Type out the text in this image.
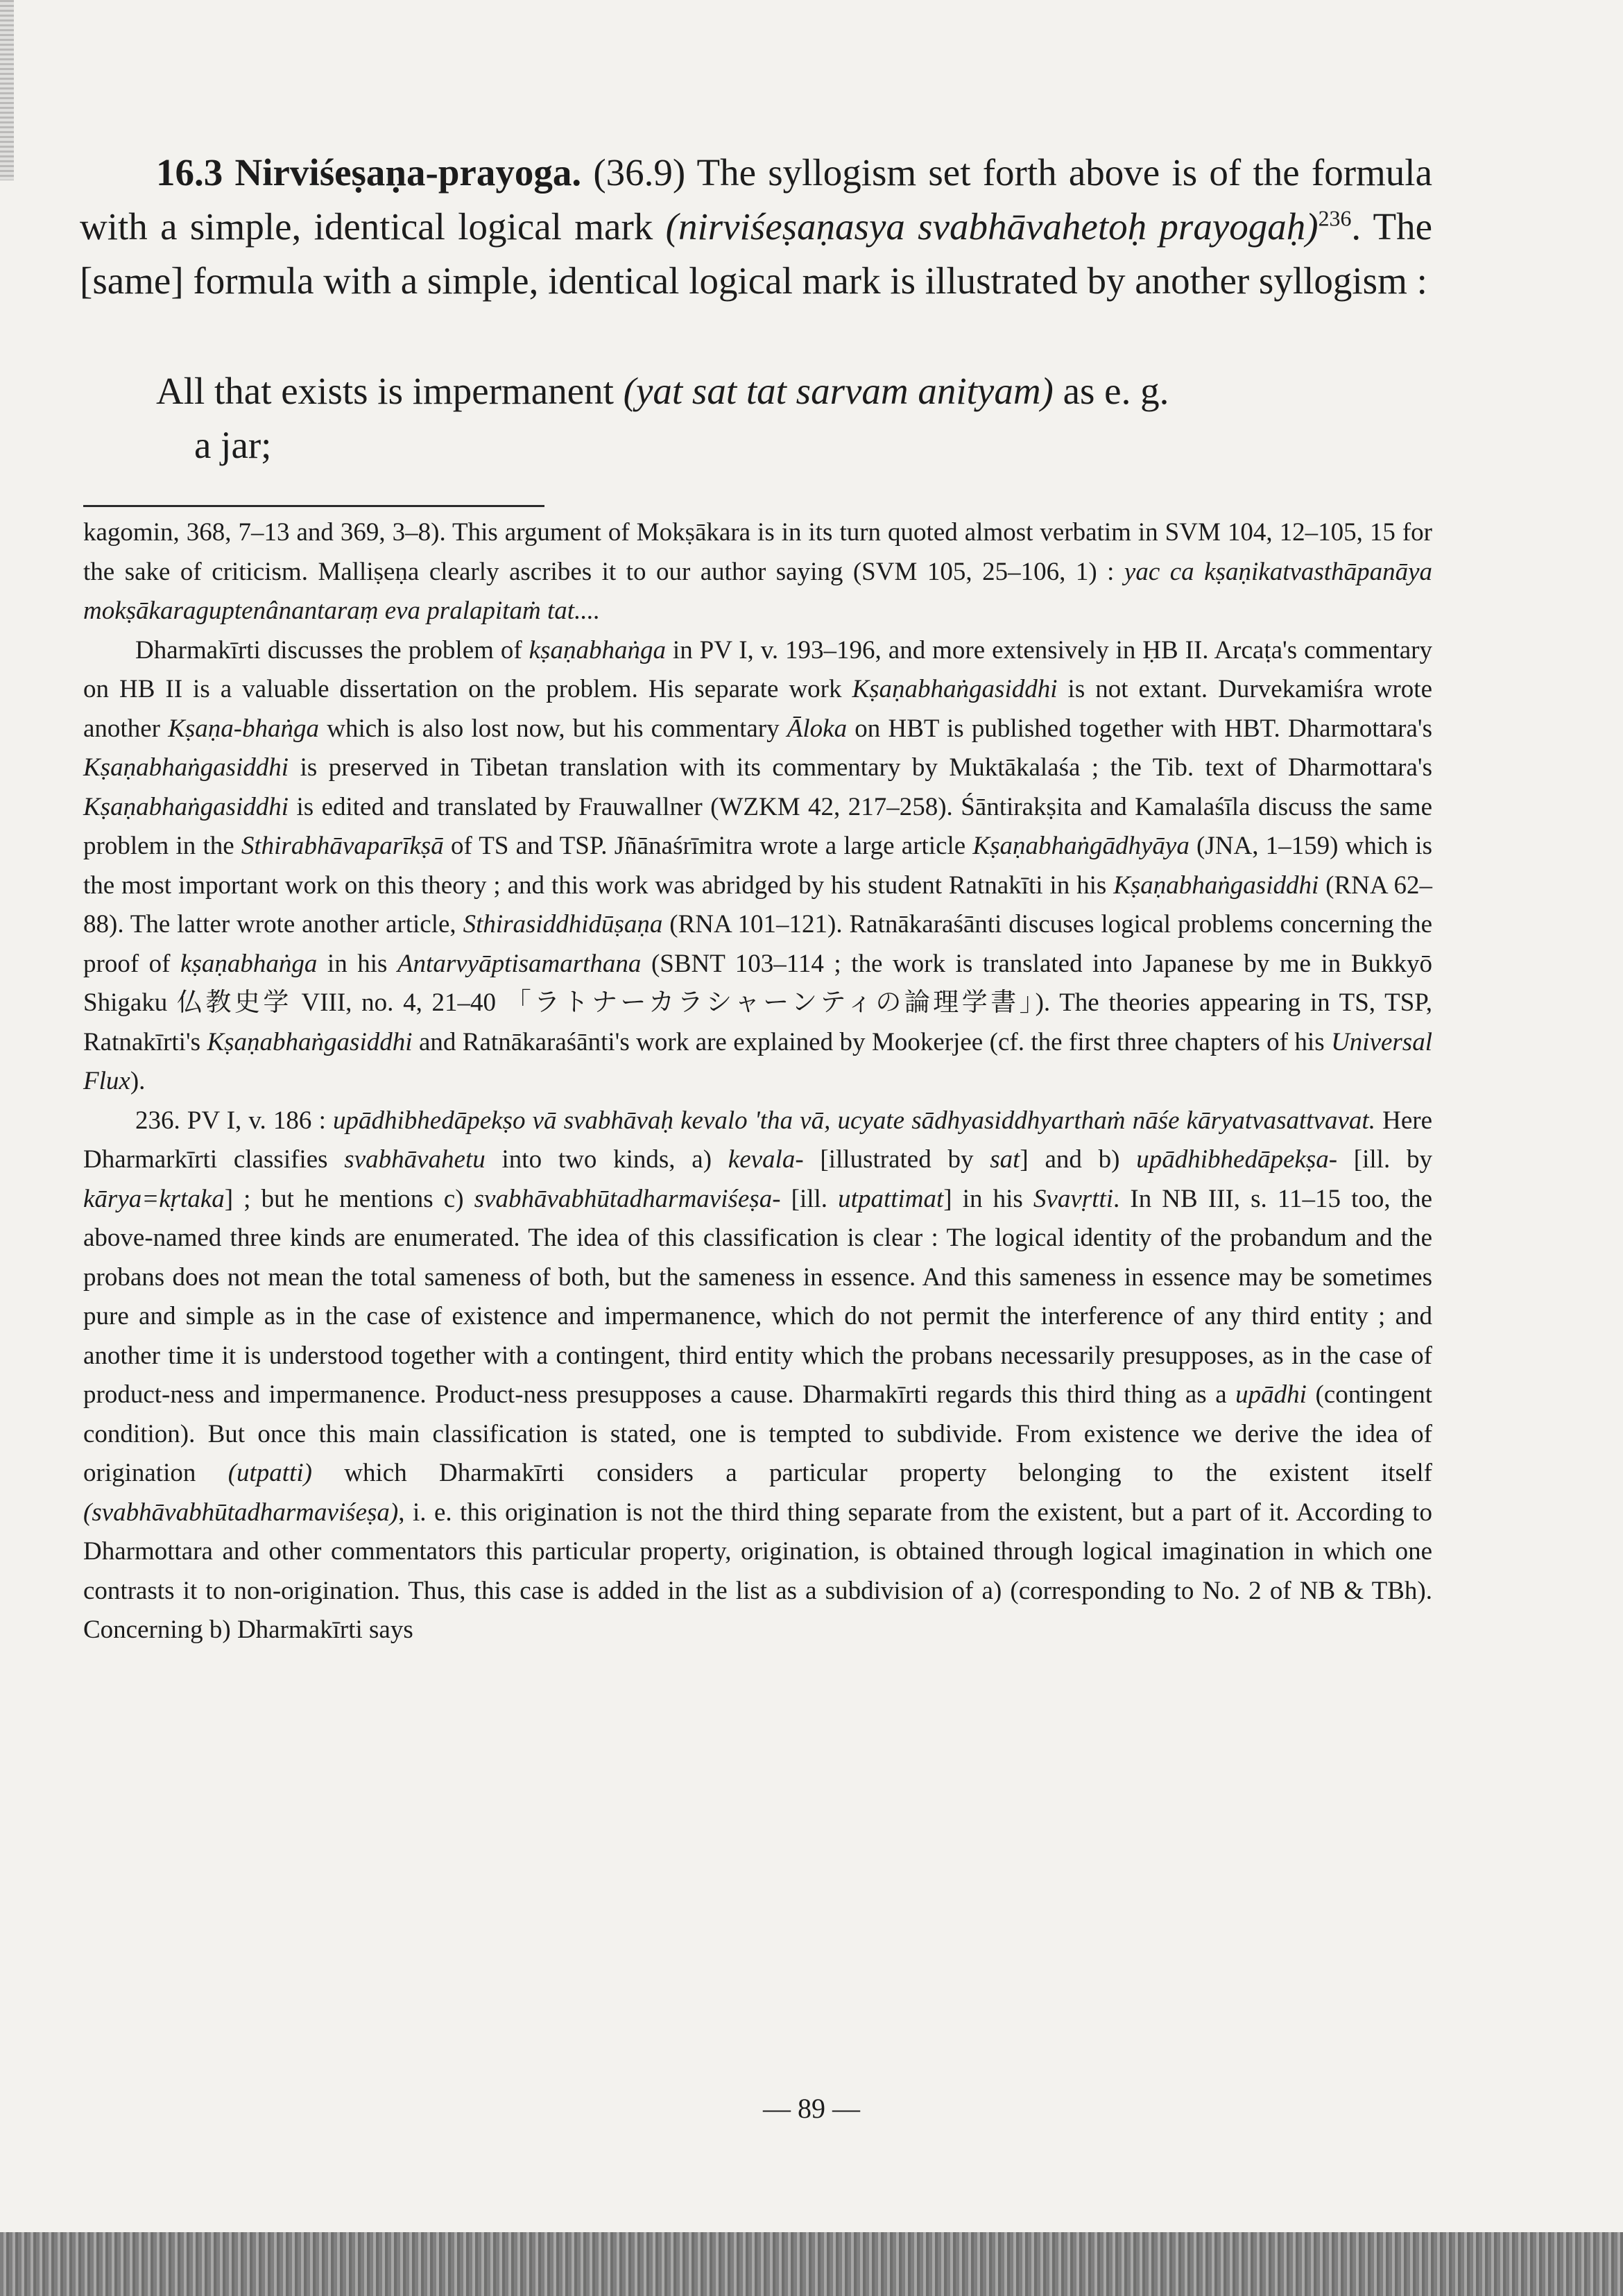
16.3 Nirviśeṣaṇa-prayoga. (36.9) The syllogism set forth above is of the formula with a simple, identical logical mark (nirviśeṣaṇasya svabhāvahetoḥ prayogaḥ)$^{236}$. The [same] formula with a simple, identical logical mark is illustrated by another syllogism :

All that exists is impermanent (yat sat tat sarvam anityam) as e. g.
a jar;

kagomin, 368, 7–13 and 369, 3–8). This argument of Mokṣākara is in its turn quoted almost verbatim in SVM 104, 12–105, 15 for the sake of criticism. Malliṣeṇa clearly ascribes it to our author saying (SVM 105, 25–106, 1) : yac ca kṣaṇikatvasthāpanāya mokṣākaraguptenânantaraṃ eva pralapitaṁ tat....

Dharmakīrti discusses the problem of kṣaṇabhaṅga in PV I, v. 193–196, and more extensively in ḤB II. Arcaṭa's commentary on HB II is a valuable dissertation on the problem. His separate work Kṣaṇabhaṅgasiddhi is not extant. Durvekamiśra wrote another Kṣaṇa-bhaṅga which is also lost now, but his commentary Āloka on HBT is published together with HBT. Dharmottara's Kṣaṇabhaṅgasiddhi is preserved in Tibetan translation with its commentary by Muktākalaśa ; the Tib. text of Dharmottara's Kṣaṇabhaṅgasiddhi is edited and translated by Frauwallner (WZKM 42, 217–258). Śāntirakṣita and Kamalaśīla discuss the same problem in the Sthirabhāvaparīkṣā of TS and TSP. Jñānaśrīmitra wrote a large article Kṣaṇabhaṅgādhyāya (JNA, 1–159) which is the most important work on this theory ; and this work was abridged by his student Ratnakīti in his Kṣaṇabhaṅgasiddhi (RNA 62–88). The latter wrote another article, Sthirasiddhidūṣaṇa (RNA 101–121). Ratnākaraśānti discuses logical problems concerning the proof of kṣaṇabhaṅga in his Antarvyāptisamarthana (SBNT 103–114 ; the work is translated into Japanese by me in Bukkyō Shigaku 仏教史学 VIII, no. 4, 21–40 「ラトナーカラシャーンティの論理学書」). The theories appearing in TS, TSP, Ratnakīrti's Kṣaṇabhaṅgasiddhi and Ratnākaraśānti's work are explained by Mookerjee (cf. the first three chapters of his Universal Flux).

236. PV I, v. 186 : upādhibhedāpekṣo vā svabhāvaḥ kevalo 'tha vā, ucyate sādhyasiddhyarthaṁ nāśe kāryatvasattvavat. Here Dharmarkīrti classifies svabhāvahetu into two kinds, a) kevala- [illustrated by sat] and b) upādhibhedāpekṣa- [ill. by kārya=kṛtaka] ; but he mentions c) svabhāvabhūtadharmaviśeṣa- [ill. utpattimat] in his Svavṛtti. In NB III, s. 11–15 too, the above-named three kinds are enumerated. The idea of this classification is clear : The logical identity of the probandum and the probans does not mean the total sameness of both, but the sameness in essence. And this sameness in essence may be sometimes pure and simple as in the case of existence and impermanence, which do not permit the interference of any third entity ; and another time it is understood together with a contingent, third entity which the probans necessarily presupposes, as in the case of product-ness and impermanence. Product-ness presupposes a cause. Dharmakīrti regards this third thing as a upādhi (contingent condition). But once this main classification is stated, one is tempted to subdivide. From existence we derive the idea of origination (utpatti) which Dharmakīrti considers a particular property belonging to the existent itself (svabhāvabhūtadharmaviśeṣa), i. e. this origination is not the third thing separate from the existent, but a part of it. According to Dharmottara and other commentators this particular property, origination, is obtained through logical imagination in which one contrasts it to non-origination. Thus, this case is added in the list as a subdivision of a) (corresponding to No. 2 of NB & TBh). Concerning b) Dharmakīrti says

— 89 —
